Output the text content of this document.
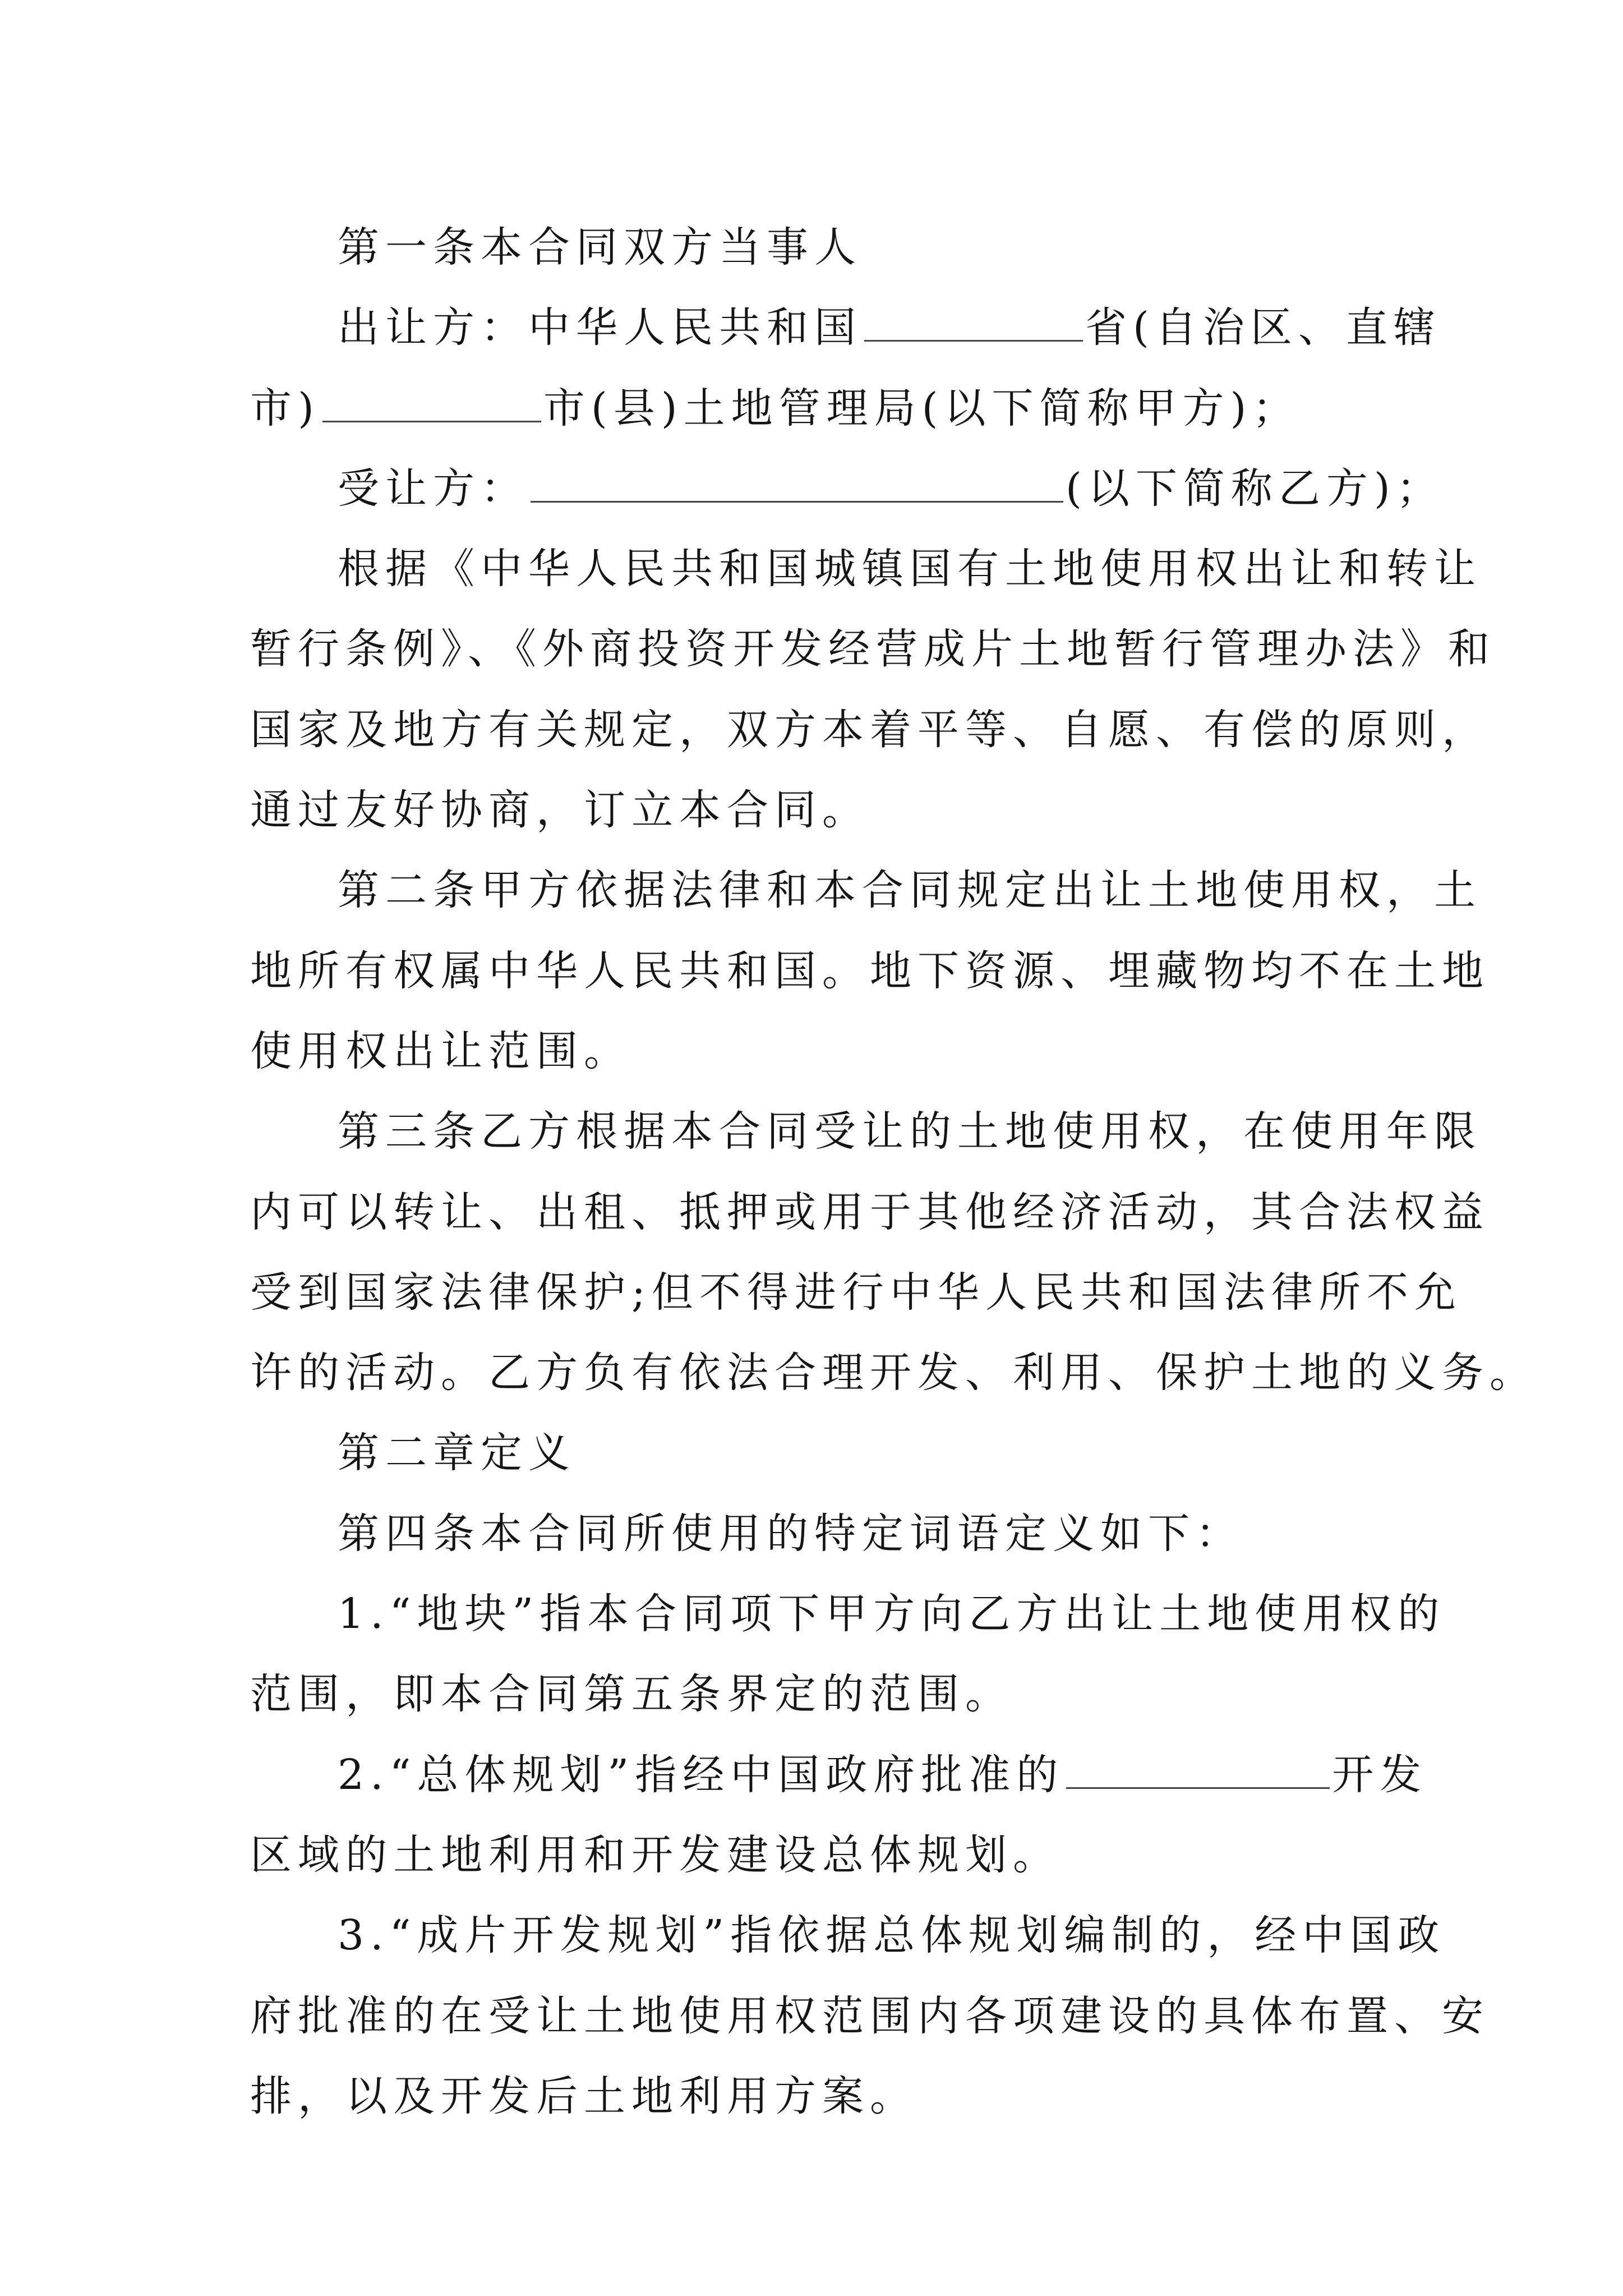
第一条本合同双方当事人
出让方：中华人民共和国	省(自治区、直辖
市)	市(县)土地管理局(以下简称甲方)；
受让方：	(以下简称乙方)；
根据《中华人民共和国城镇国有土地使用权出让和转让
暂行条例》、《外商投资开发经营成片土地暂行管理办法》和
国家及地方有关规定，双方本着平等、自愿、有偿的原则，
通过友好协商，订立本合同。
第二条甲方依据法律和本合同规定出让土地使用权，土
地所有权属中华人民共和国。地下资源、埋藏物均不在土地
使用权出让范围。
第三条乙方根据本合同受让的土地使用权，在使用年限
内可以转让、出租、抵押或用于其他经济活动，其合法权益
受到国家法律保护;但不得进行中华人民共和国法律所不允
许的活动。乙方负有依法合理开发、利用、保护土地的义务。
第二章定义
第四条本合同所使用的特定词语定义如下：
1.“地块”指本合同项下甲方向乙方出让土地使用权的
范围，即本合同第五条界定的范围。
2.“总体规划”指经中国政府批准的	开发
区域的土地利用和开发建设总体规划。
3.“成片开发规划”指依据总体规划编制的，经中国政
府批准的在受让土地使用权范围内各项建设的具体布置、安
排，以及开发后土地利用方案。
